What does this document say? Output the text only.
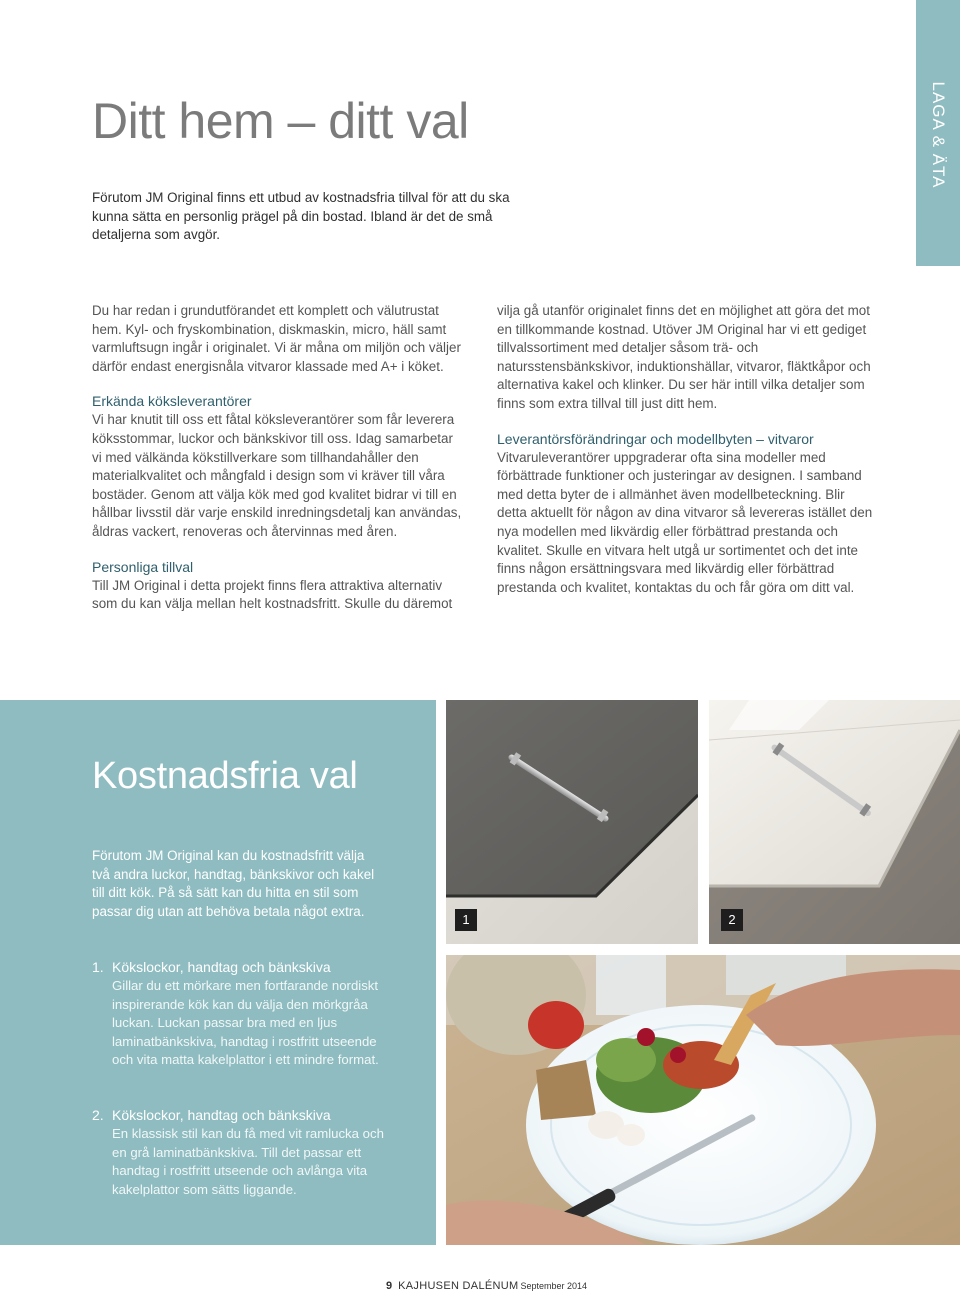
LAGA & ÄTA
Ditt hem – ditt val
Förutom JM Original finns ett utbud av kostnadsfria tillval för att du ska kunna sätta en personlig prägel på din bostad. Ibland är det de små detaljerna som avgör.

Du har redan i grundutförandet ett komplett och välutrustat hem. Kyl- och fryskombination, diskmaskin, micro, häll samt varmluftsugn ingår i originalet. Vi är måna om miljön och väljer därför endast energisnåla vitvaror klassade med A+ i köket.

Erkända köksleverantörer

Vi har knutit till oss ett fåtal köksleverantörer som får leverera köksstommar, luckor och bänkskivor till oss. Idag samarbetar vi med välkända kökstillverkare som tillhandahåller den materialkvalitet och mångfald i design som vi kräver till våra bostäder. Genom att välja kök med god kvalitet bidrar vi till en hållbar livsstil där varje enskild inredningsdetalj kan användas, åldras vackert, renoveras och återvinnas med åren.

Personliga tillval

Till JM Original i detta projekt finns flera attraktiva alternativ som du kan välja mellan helt kostnadsfritt. Skulle du däremot

vilja gå utanför originalet finns det en möjlighet att göra det mot en tillkommande kostnad. Utöver JM Original har vi ett gediget tillvalssortiment med detaljer såsom trä- och natursstensbänkskivor, induktionshällar, vitvaror, fläktkåpor och alternativa kakel och klinker. Du ser här intill vilka detaljer som finns som extra tillval till just ditt hem.

Leverantörsförändringar och modellbyten – vitvaror

Vitvaruleverantörer uppgraderar ofta sina modeller med förbättrade funktioner och justeringar av designen. I samband med detta byter de i allmänhet även modellbeteckning. Blir detta aktuellt för någon av dina vitvaror så levereras istället den nya modellen med likvärdig eller förbättrad prestanda och kvalitet. Skulle en vitvara helt utgå ur sortimentet och det inte finns någon ersättningsvara med likvärdig eller förbättrad prestanda och kvalitet, kontaktas du och får göra om ditt val.

Kostnadsfria val
Förutom JM Original kan du kostnadsfritt välja två andra luckor, handtag, bänkskivor och kakel till ditt kök. På så sätt kan du hitta en stil som passar dig utan att behöva betala något extra.
1. Kökslockor, handtag och bänkskiva

Gillar du ett mörkare men fortfarande nordiskt inspirerande kök kan du välja den mörkgråa luckan. Luckan passar bra med en ljus laminatbänkskiva, handtag i rostfritt utseende och vita matta kakelplattor i ett mindre format.

2. Kökslockor, handtag och bänkskiva

En klassisk stil kan du få med vit ramlucka och en grå laminatbänkskiva. Till det passar ett handtag i rostfritt utseende och avlånga vita kakelplattor som sätts liggande.

1	2
9 KAJHUSEN DALÉNUM September 2014
